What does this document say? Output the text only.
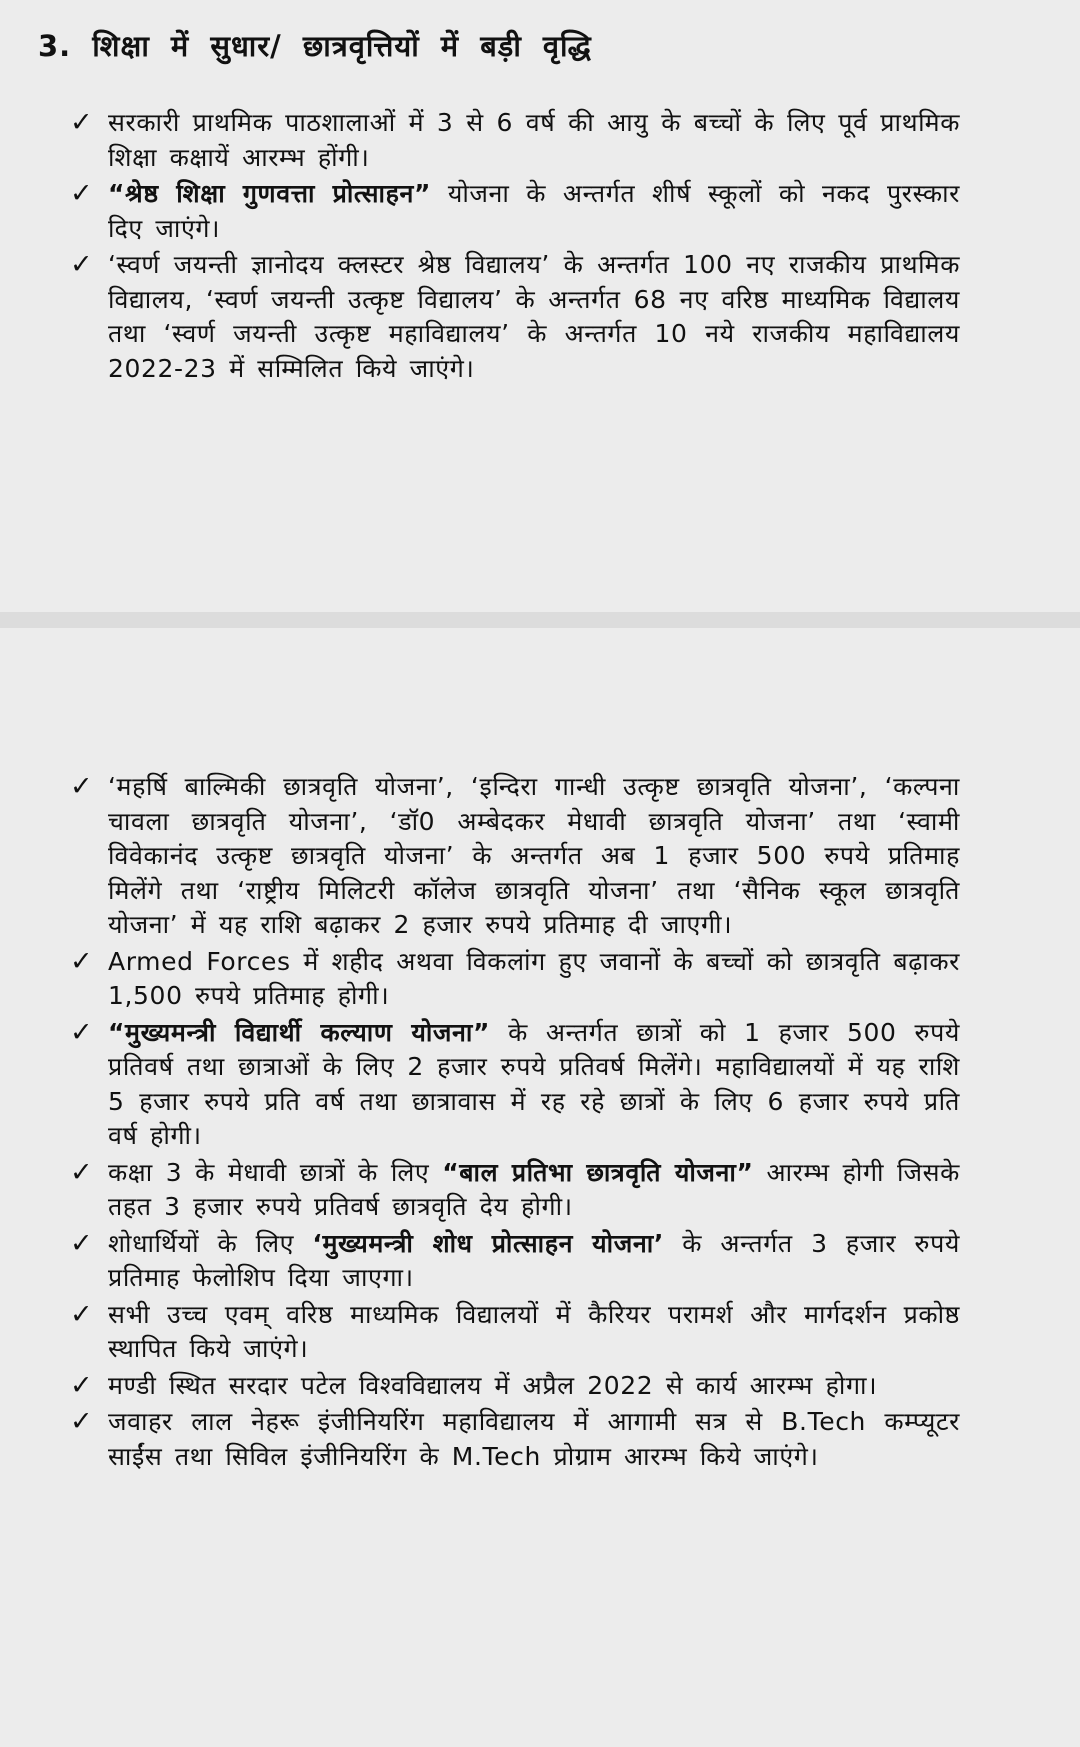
3. शिक्षा में सुधार/ छात्रवृत्तियों में बड़ी वृद्धि
✓ सरकारी प्राथमिक पाठशालाओं में 3 से 6 वर्ष की आयु के बच्चों के लिए पूर्व प्राथमिक शिक्षा कक्षायें आरम्भ होंगी।
✓ “श्रेष्ठ शिक्षा गुणवत्ता प्रोत्साहन” योजना के अन्तर्गत शीर्ष स्कूलों को नकद पुरस्कार दिए जाएंगे।
✓ ‘स्वर्ण जयन्ती ज्ञानोदय क्लस्टर श्रेष्ठ विद्यालय’ के अन्तर्गत 100 नए राजकीय प्राथमिक विद्यालय, ‘स्वर्ण जयन्ती उत्कृष्ट विद्यालय’ के अन्तर्गत 68 नए वरिष्ठ माध्यमिक विद्यालय तथा ‘स्वर्ण जयन्ती उत्कृष्ट महाविद्यालय’ के अन्तर्गत 10 नये राजकीय महाविद्यालय 2022-23 में सम्मिलित किये जाएंगे।
✓ ‘महर्षि बाल्मिकी छात्रवृति योजना’, ‘इन्दिरा गान्धी उत्कृष्ट छात्रवृति योजना’, ‘कल्पना चावला छात्रवृति योजना’, ‘डॉ0 अम्बेदकर मेधावी छात्रवृति योजना’ तथा ‘स्वामी विवेकानंद उत्कृष्ट छात्रवृति योजना’ के अन्तर्गत अब 1 हजार 500 रुपये प्रतिमाह मिलेंगे तथा ‘राष्ट्रीय मिलिटरी कॉलेज छात्रवृति योजना’ तथा ‘सैनिक स्कूल छात्रवृति योजना’ में यह राशि बढ़ाकर 2 हजार रुपये प्रतिमाह दी जाएगी।
✓ Armed Forces में शहीद अथवा विकलांग हुए जवानों के बच्चों को छात्रवृति बढ़ाकर 1,500 रुपये प्रतिमाह होगी।
✓ “मुख्यमन्त्री विद्यार्थी कल्याण योजना” के अन्तर्गत छात्रों को 1 हजार 500 रुपये प्रतिवर्ष तथा छात्राओं के लिए 2 हजार रुपये प्रतिवर्ष मिलेंगे। महाविद्यालयों में यह राशि 5 हजार रुपये प्रति वर्ष तथा छात्रावास में रह रहे छात्रों के लिए 6 हजार रुपये प्रति वर्ष होगी।
✓ कक्षा 3 के मेधावी छात्रों के लिए “बाल प्रतिभा छात्रवृति योजना” आरम्भ होगी जिसके तहत 3 हजार रुपये प्रतिवर्ष छात्रवृति देय होगी।
✓ शोधार्थियों के लिए ‘मुख्यमन्त्री शोध प्रोत्साहन योजना’ के अन्तर्गत 3 हजार रुपये प्रतिमाह फेलोशिप दिया जाएगा।
✓ सभी उच्च एवम् वरिष्ठ माध्यमिक विद्यालयों में कैरियर परामर्श और मार्गदर्शन प्रकोष्ठ स्थापित किये जाएंगे।
✓ मण्डी स्थित सरदार पटेल विश्वविद्यालय में अप्रैल 2022 से कार्य आरम्भ होगा।
✓ जवाहर लाल नेहरू इंजीनियरिंग महाविद्यालय में आगामी सत्र से B.Tech कम्प्यूटर साईंस तथा सिविल इंजीनियरिंग के M.Tech प्रोग्राम आरम्भ किये जाएंगे।
